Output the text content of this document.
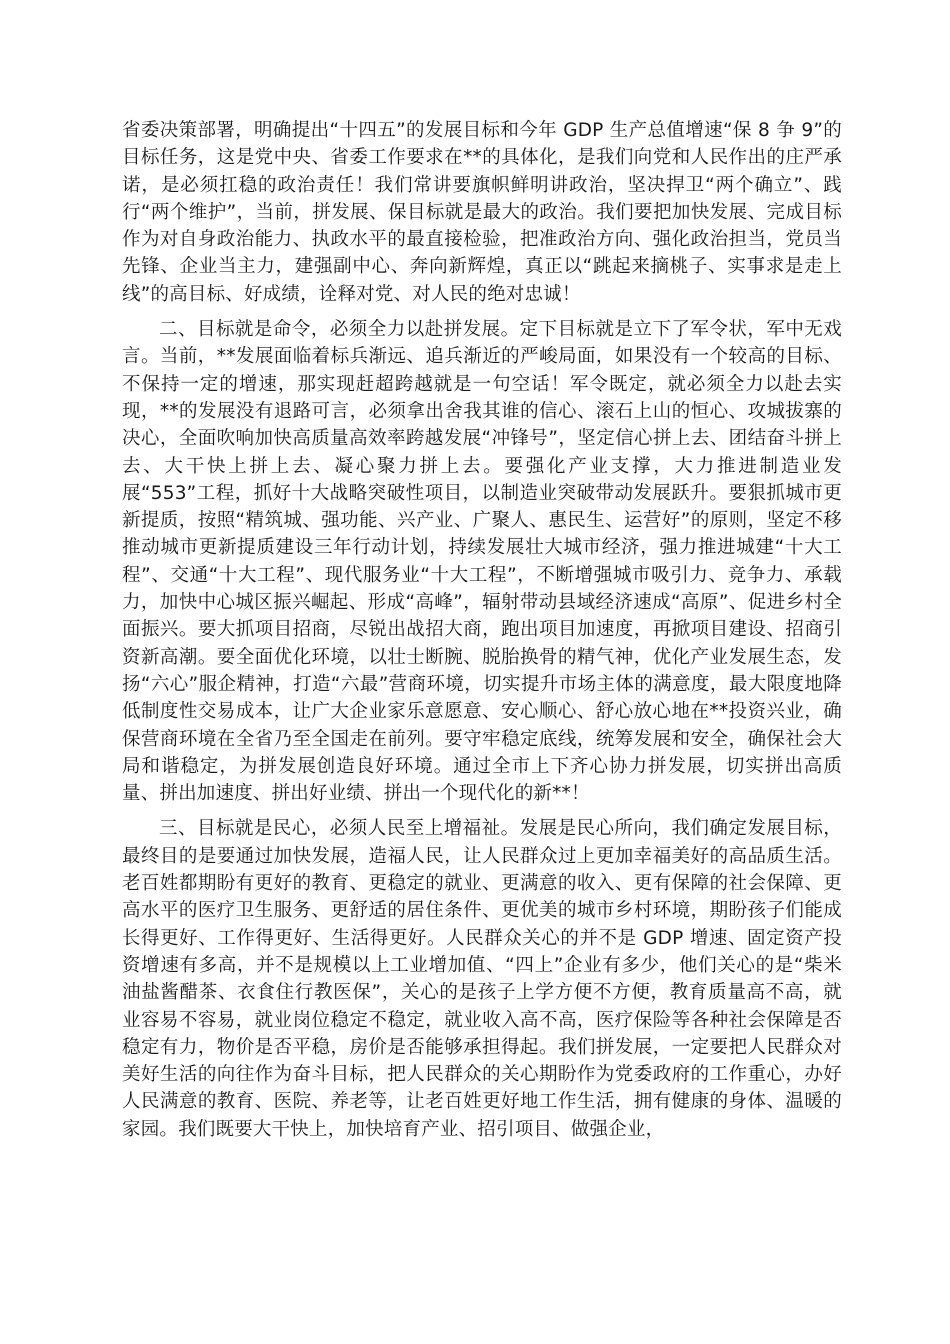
省委决策部署，明确提出“十四五”的发展目标和今年 GDP 生产总值增速“保 8 争 9”的目标任务，这是党中央、省委工作要求在**的具体化，是我们向党和人民作出的庄严承诺，是必须扛稳的政治责任！我们常讲要旗帜鲜明讲政治，坚决捍卫“两个确立”、践行“两个维护”，当前，拼发展、保目标就是最大的政治。我们要把加快发展、完成目标作为对自身政治能力、执政水平的最直接检验，把准政治方向、强化政治担当，党员当先锋、企业当主力，建强副中心、奔向新辉煌，真正以“跳起来摘桃子、实事求是走上线”的高目标、好成绩，诠释对党、对人民的绝对忠诚！

二、目标就是命令，必须全力以赴拼发展。定下目标就是立下了军令状，军中无戏言。当前，**发展面临着标兵渐远、追兵渐近的严峻局面，如果没有一个较高的目标、不保持一定的增速，那实现赶超跨越就是一句空话！军令既定，就必须全力以赴去实现，**的发展没有退路可言，必须拿出舍我其谁的信心、滚石上山的恒心、攻城拔寨的决心，全面吹响加快高质量高效率跨越发展“冲锋号”，坚定信心拼上去、团结奋斗拼上去、大干快上拼上去、凝心聚力拼上去。要强化产业支撑，大力推进制造业发展“553”工程，抓好十大战略突破性项目，以制造业突破带动发展跃升。要狠抓城市更新提质，按照“精筑城、强功能、兴产业、广聚人、惠民生、运营好”的原则，坚定不移推动城市更新提质建设三年行动计划，持续发展壮大城市经济，强力推进城建“十大工程”、交通“十大工程”、现代服务业“十大工程”，不断增强城市吸引力、竞争力、承载力，加快中心城区振兴崛起、形成“高峰”，辐射带动县域经济速成“高原”、促进乡村全面振兴。要大抓项目招商，尽锐出战招大商，跑出项目加速度，再掀项目建设、招商引资新高潮。要全面优化环境，以壮士断腕、脱胎换骨的精气神，优化产业发展生态，发扬“六心”服企精神，打造“六最”营商环境，切实提升市场主体的满意度，最大限度地降低制度性交易成本，让广大企业家乐意愿意、安心顺心、舒心放心地在**投资兴业，确保营商环境在全省乃至全国走在前列。要守牢稳定底线，统筹发展和安全，确保社会大局和谐稳定，为拼发展创造良好环境。通过全市上下齐心协力拼发展，切实拼出高质量、拼出加速度、拼出好业绩、拼出一个现代化的新**！

三、目标就是民心，必须人民至上增福祉。发展是民心所向，我们确定发展目标，最终目的是要通过加快发展，造福人民，让人民群众过上更加幸福美好的高品质生活。老百姓都期盼有更好的教育、更稳定的就业、更满意的收入、更有保障的社会保障、更高水平的医疗卫生服务、更舒适的居住条件、更优美的城市乡村环境，期盼孩子们能成长得更好、工作得更好、生活得更好。人民群众关心的并不是 GDP 增速、固定资产投资增速有多高，并不是规模以上工业增加值、“四上”企业有多少，他们关心的是“柴米油盐酱醋茶、衣食住行教医保”，关心的是孩子上学方便不方便，教育质量高不高，就业容易不容易，就业岗位稳定不稳定，就业收入高不高，医疗保险等各种社会保障是否稳定有力，物价是否平稳，房价是否能够承担得起。我们拼发展，一定要把人民群众对美好生活的向往作为奋斗目标，把人民群众的关心期盼作为党委政府的工作重心，办好人民满意的教育、医院、养老等，让老百姓更好地工作生活，拥有健康的身体、温暖的家园。我们既要大干快上，加快培育产业、招引项目、做强企业，
